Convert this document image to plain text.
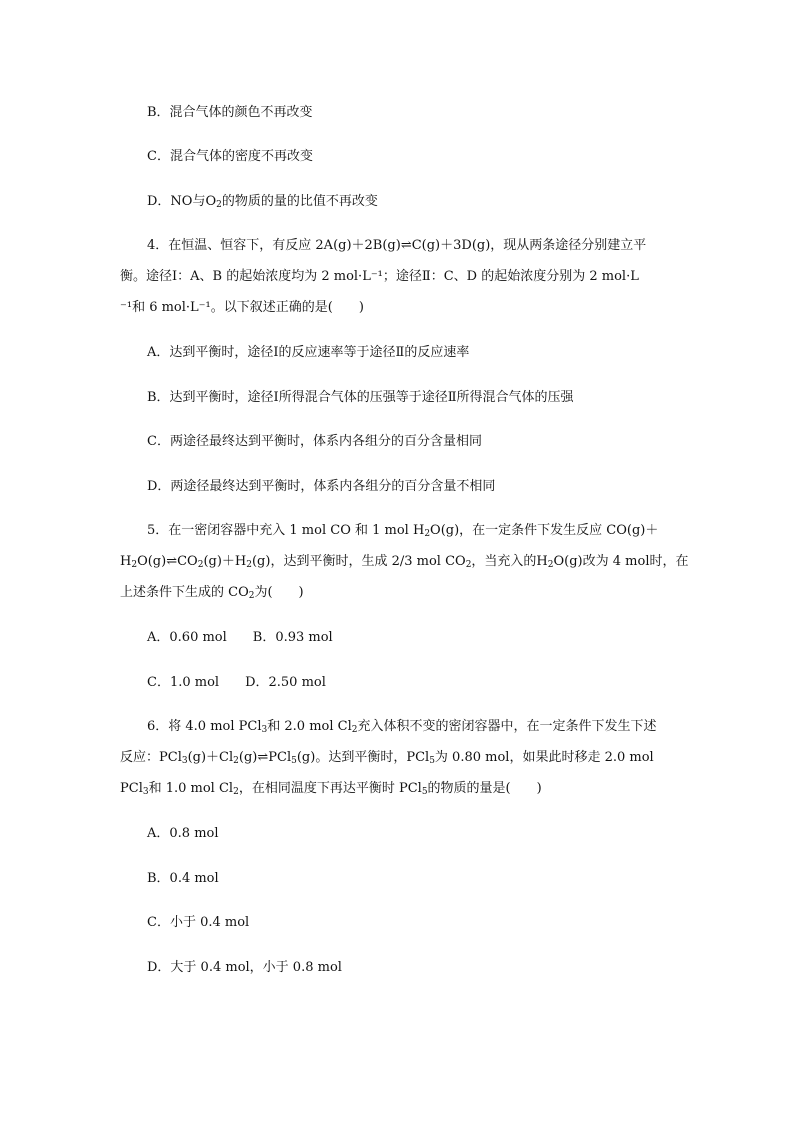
B．混合气体的颜色不再改变
C．混合气体的密度不再改变
D．NO与$O_2$的物质的量的比值不再改变
4．在恒温、恒容下，有反应 2A(g)＋2B(g)⇌C(g)＋3D(g)，现从两条途径分别建立平
衡。途径Ⅰ：A、B 的起始浓度均为 2 mol·L⁻¹；途径Ⅱ：C、D 的起始浓度分别为 2 mol·L
⁻¹和 6 mol·L⁻¹。以下叙述正确的是(　　)
A．达到平衡时，途径Ⅰ的反应速率等于途径Ⅱ的反应速率
B．达到平衡时，途径Ⅰ所得混合气体的压强等于途径Ⅱ所得混合气体的压强
C．两途径最终达到平衡时，体系内各组分的百分含量相同
D．两途径最终达到平衡时，体系内各组分的百分含量不相同
5．在一密闭容器中充入 1 mol CO 和 1 mol $H_2O(g)$，在一定条件下发生反应 CO(g)＋
$H_2O(g)\rightleftharpoons CO_2(g)+H_2(g)$，达到平衡时，生成 2/3 mol $CO_2$，当充入的$H_2O(g)$改为 4 mol时，在
上述条件下生成的 $CO_2$为(　　)
A．0.60 mol　　B．0.93 mol
C．1.0 mol　　D．2.50 mol
6．将 4.0 mol PCl$_3$和 2.0 mol $Cl_2$充入体积不变的密闭容器中，在一定条件下发生下述
反应：$PCl_3(g)+Cl_2(g)\rightleftharpoons PCl_5(g)$。达到平衡时，PCl$_5$为 0.80 mol，如果此时移走 2.0 mol
PCl$_3$和 1.0 mol $Cl_2$，在相同温度下再达平衡时 PCl$_5$的物质的量是(　　)
A．0.8 mol
B．0.4 mol
C．小于 0.4 mol
D．大于 0.4 mol，小于 0.8 mol
